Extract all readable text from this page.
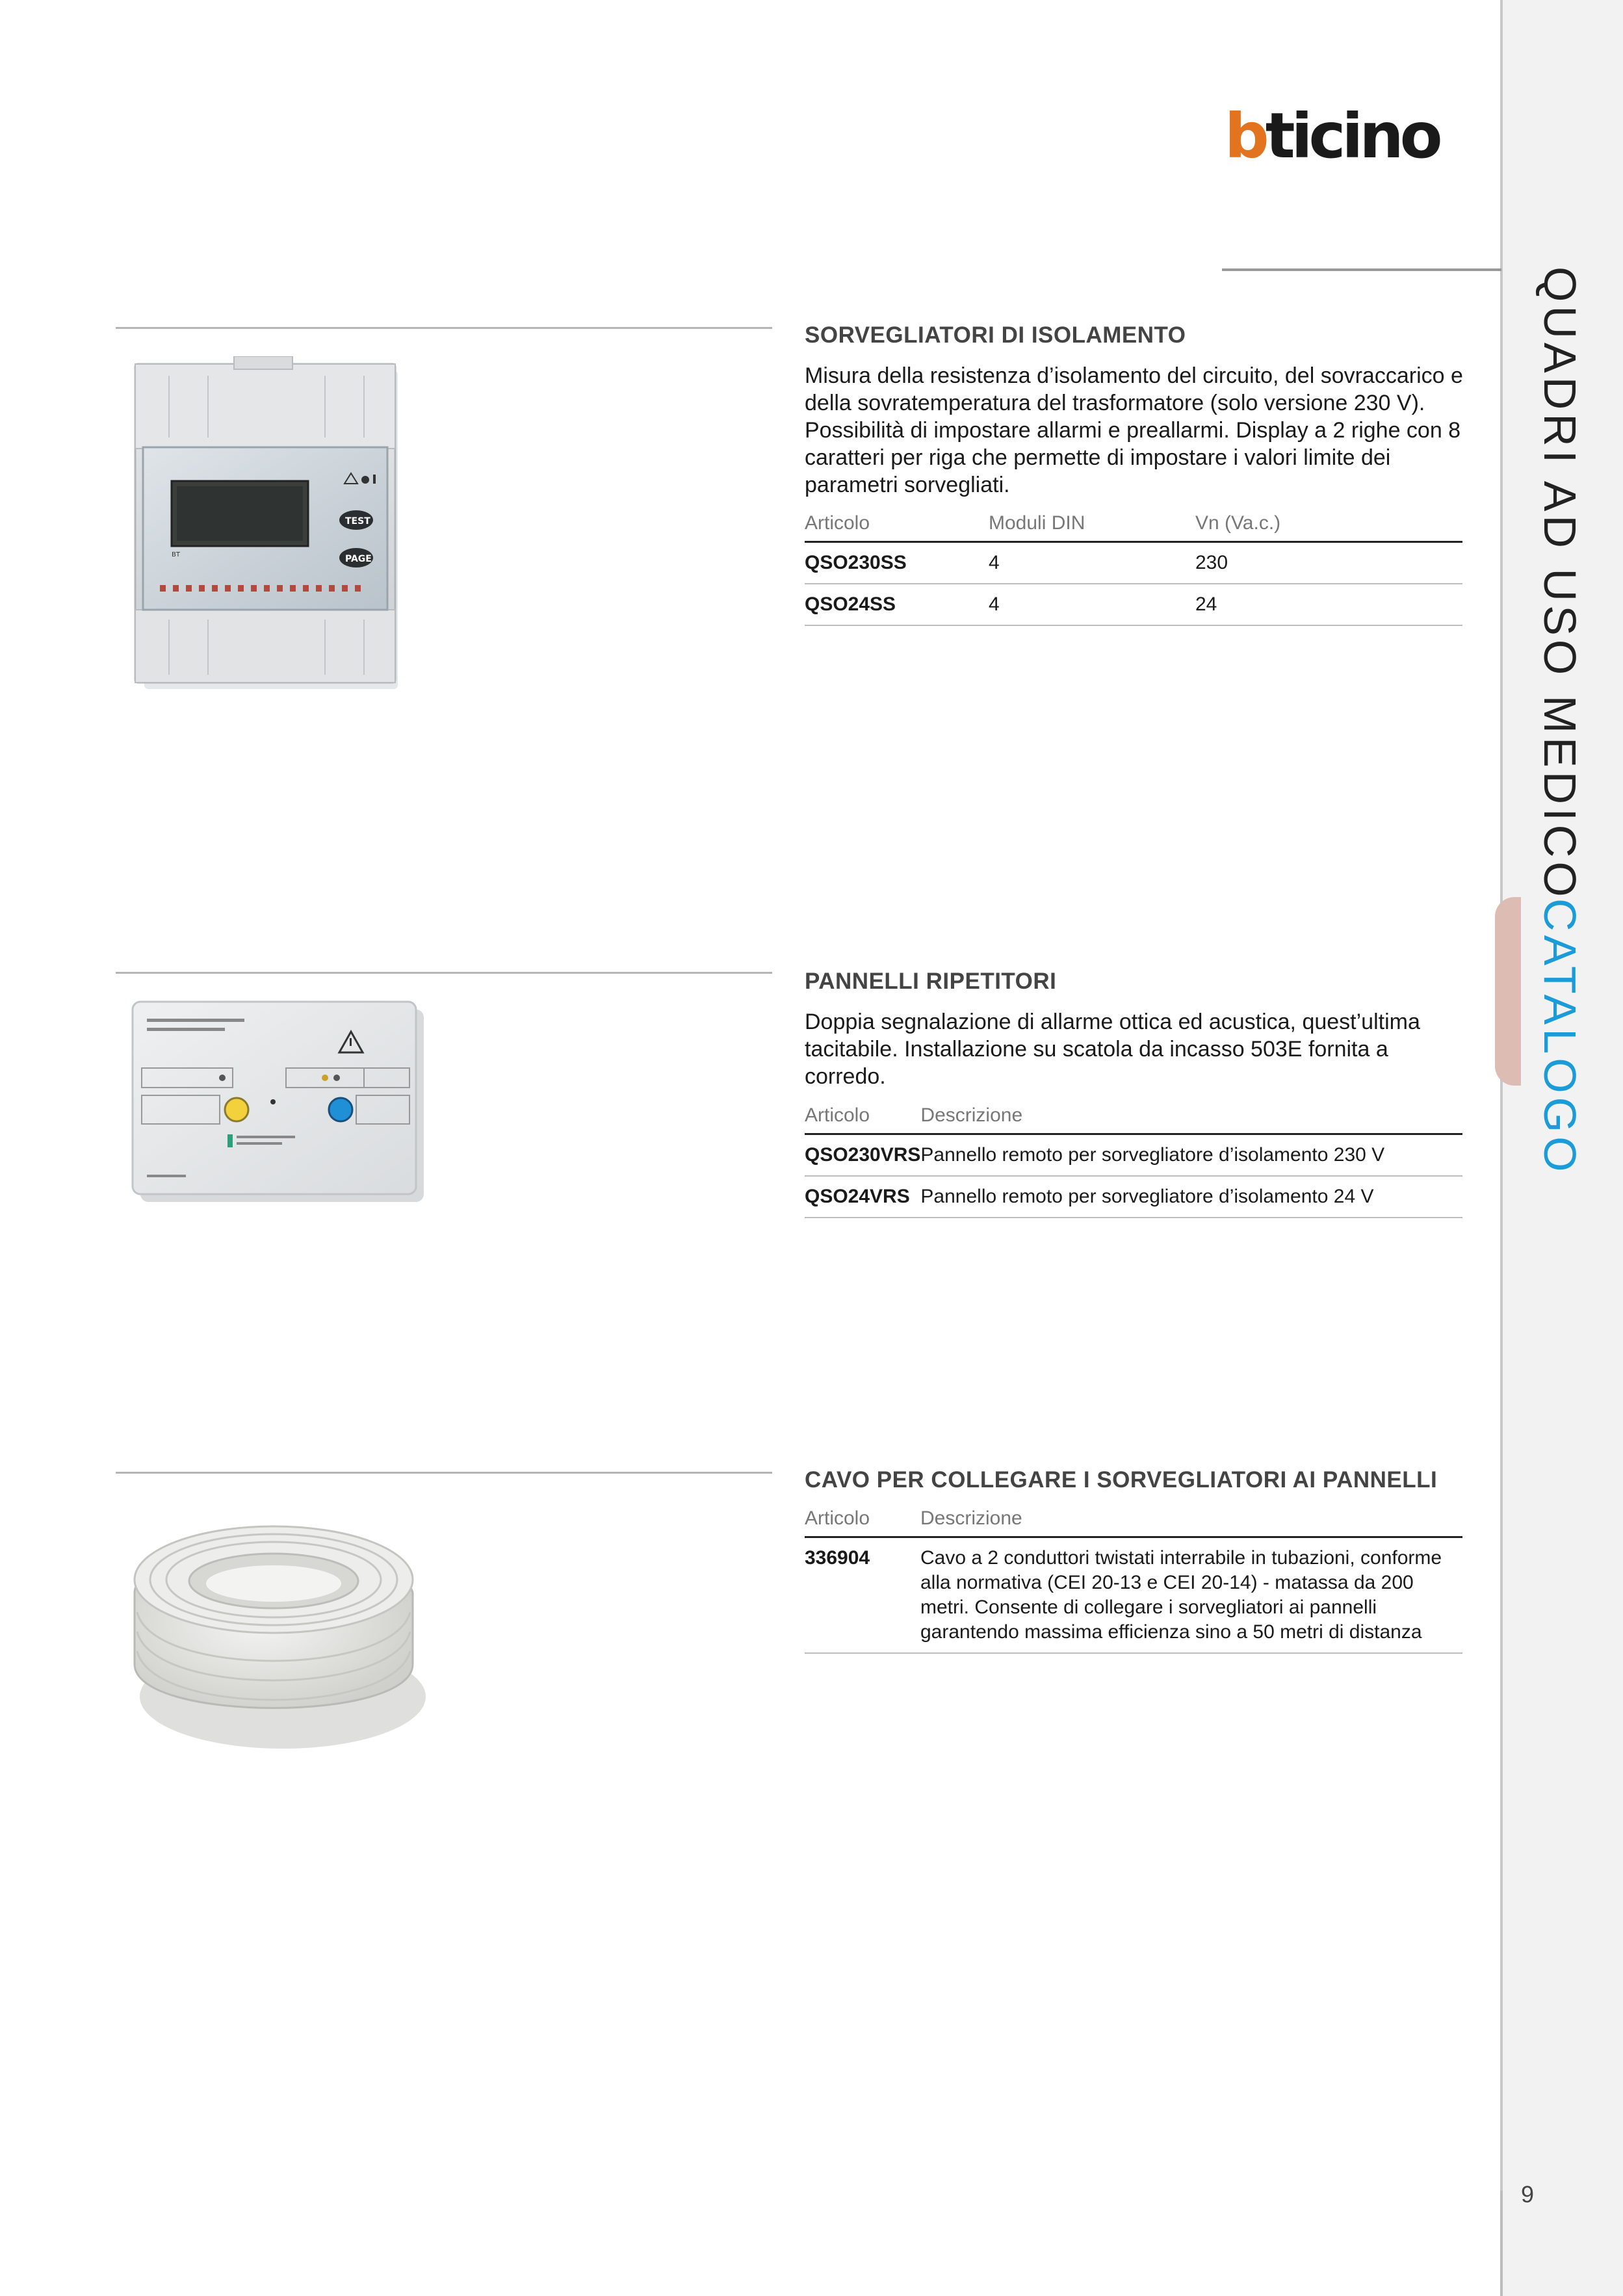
QUADRI AD USO MEDICO
CATALOGO
9
bticino
SORVEGLIATORI DI ISOLAMENTO
Misura della resistenza d’isolamento del circuito, del sovraccarico e della sovratemperatura del trasformatore (solo versione 230 V). Possibilità di impostare allarmi e preallarmi. Display a 2 righe con 8 caratteri per riga che permette di impostare i valori limite dei parametri sorvegliati.
Articolo	Moduli DIN	Vn (Va.c.)
QSO230SS	4	230
QSO24SS	4	24
BT
TEST
PAGE
PANNELLI RIPETITORI
Doppia segnalazione di allarme ottica ed acustica, quest’ultima tacitabile. Installazione su scatola da incasso 503E fornita a corredo.
Articolo	Descrizione
QSO230VRS	Pannello remoto per sorvegliatore d’isolamento 230 V
QSO24VRS	Pannello remoto per sorvegliatore d’isolamento 24 V
CAVO PER COLLEGARE I SORVEGLIATORI AI PANNELLI
Articolo	Descrizione
336904	Cavo a 2 conduttori twistati interrabile in tubazioni, conforme alla normativa (CEI 20-13 e CEI 20-14) - matassa da 200 metri. Consente di collegare i sorvegliatori ai pannelli garantendo massima efficienza sino a 50 metri di distanza
